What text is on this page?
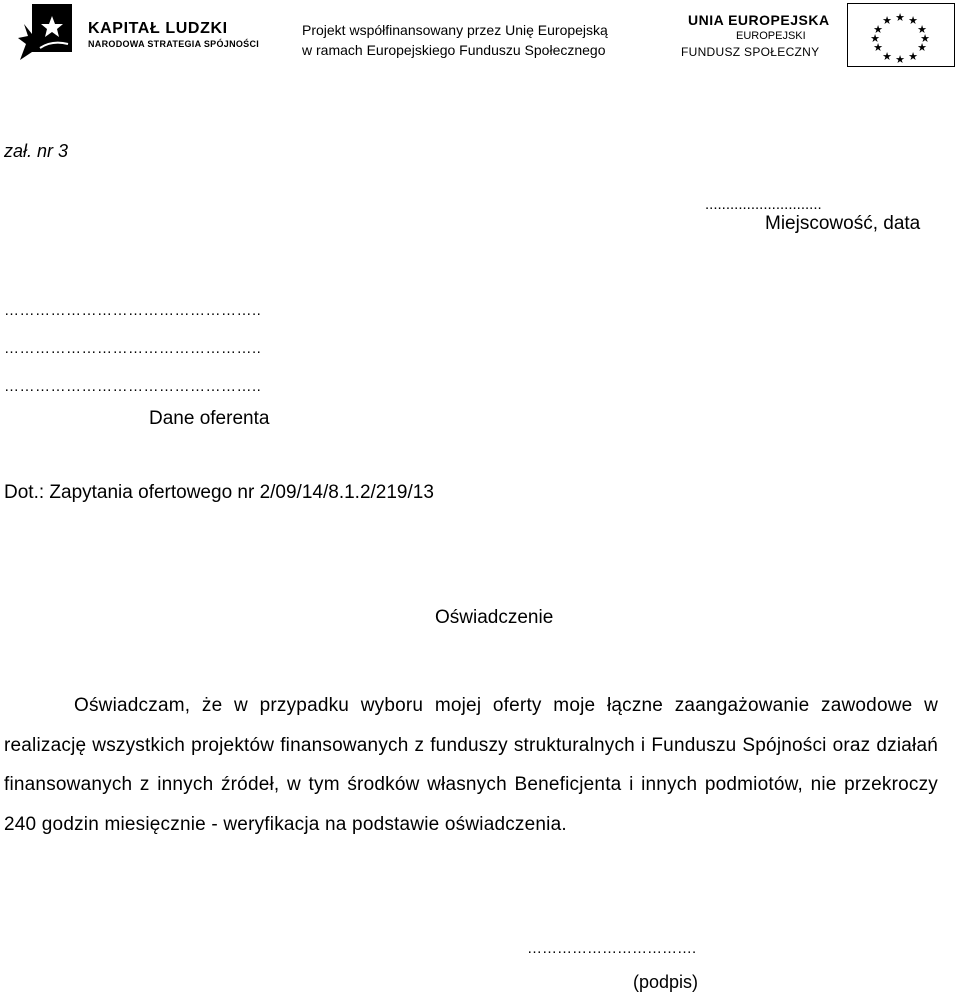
KAPITAŁ LUDZKI
NARODOWA STRATEGIA SPÓJNOŚCI
Projekt współfinansowany przez Unię Europejską
w ramach Europejskiego Funduszu Społecznego
UNIA EUROPEJSKA
EUROPEJSKI
FUNDUSZ SPOŁECZNY
★ ★
★
★
★
★
★
★
★
★
★
★
zał. nr 3
............................
Miejscowość, data
…………………………………………..
…………………………………………..
…………………………………………..
Dane oferenta
Dot.: Zapytania ofertowego nr 2/09/14/8.1.2/219/13
Oświadczenie
Oświadczam, że w przypadku wyboru mojej oferty moje łączne zaangażowanie zawodowe w realizację wszystkich projektów finansowanych z funduszy strukturalnych i Funduszu Spójności oraz działań finansowanych z innych źródeł, w tym środków własnych Beneficjenta i innych podmiotów, nie przekroczy 240 godzin miesięcznie - weryfikacja na podstawie oświadczenia.
…………………………….
(podpis)
